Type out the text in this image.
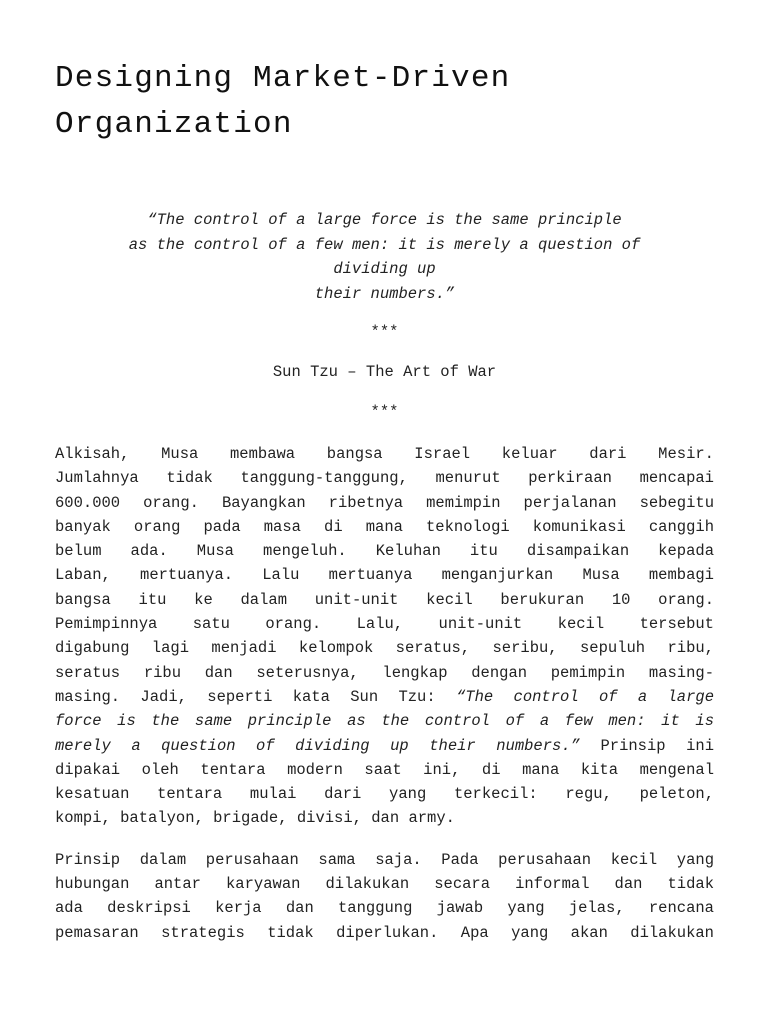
Designing Market-Driven
Organization
“The control of a large force is the same principle
as the control of a few men: it is merely a question of
dividing up
their numbers.”
***
Sun Tzu – The Art of War
***

Alkisah, Musa membawa bangsa Israel keluar dari Mesir.
Jumlahnya tidak tanggung-tanggung, menurut perkiraan mencapai
600.000 orang. Bayangkan ribetnya memimpin perjalanan sebegitu
banyak orang pada masa di mana teknologi komunikasi canggih
belum ada. Musa mengeluh. Keluhan itu disampaikan kepada
Laban, mertuanya. Lalu mertuanya menganjurkan Musa membagi
bangsa itu ke dalam unit-unit kecil berukuran 10 orang.
Pemimpinnya satu orang. Lalu, unit-unit kecil tersebut
digabung lagi menjadi kelompok seratus, seribu, sepuluh ribu,
seratus ribu dan seterusnya, lengkap dengan pemimpin masing-
masing. Jadi, seperti kata Sun Tzu: “The control of a large
force is the same principle as the control of a few men: it is
merely a question of dividing up their numbers.” Prinsip ini
dipakai oleh tentara modern saat ini, di mana kita mengenal
kesatuan tentara mulai dari yang terkecil: regu, peleton,
kompi, batalyon, brigade, divisi, dan army.

Prinsip dalam perusahaan sama saja. Pada perusahaan kecil yang
hubungan antar karyawan dilakukan secara informal dan tidak
ada deskripsi kerja dan tanggung jawab yang jelas, rencana
pemasaran strategis tidak diperlukan. Apa yang akan dilakukan
